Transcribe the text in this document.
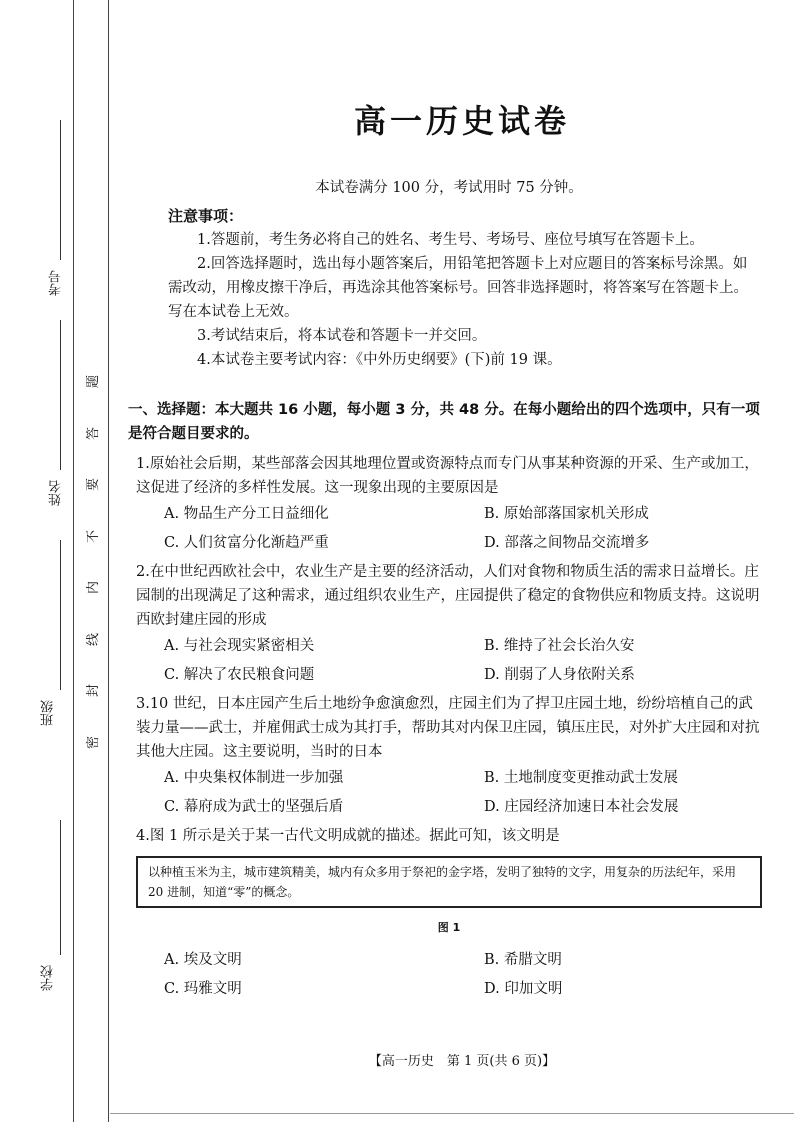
考号
姓名
班级
学校
题
答
要
不
内
线
封
密
高一历史试卷
本试卷满分 100 分，考试用时 75 分钟。
注意事项：
1.答题前，考生务必将自己的姓名、考生号、考场号、座位号填写在答题卡上。
2.回答选择题时，选出每小题答案后，用铅笔把答题卡上对应题目的答案标号涂黑。如需改动，用橡皮擦干净后，再选涂其他答案标号。回答非选择题时，将答案写在答题卡上。写在本试卷上无效。
3.考试结束后，将本试卷和答题卡一并交回。
4.本试卷主要考试内容：《中外历史纲要》(下)前 19 课。
一、选择题：本大题共 16 小题，每小题 3 分，共 48 分。在每小题给出的四个选项中，只有一项是符合题目要求的。
1.原始社会后期，某些部落会因其地理位置或资源特点而专门从事某种资源的开采、生产或加工，这促进了经济的多样性发展。这一现象出现的主要原因是
A. 物品生产分工日益细化	B. 原始部落国家机关形成
C. 人们贫富分化渐趋严重	D. 部落之间物品交流增多
2.在中世纪西欧社会中，农业生产是主要的经济活动，人们对食物和物质生活的需求日益增长。庄园制的出现满足了这种需求，通过组织农业生产，庄园提供了稳定的食物供应和物质支持。这说明西欧封建庄园的形成
A. 与社会现实紧密相关	B. 维持了社会长治久安
C. 解决了农民粮食问题	D. 削弱了人身依附关系
3.10 世纪，日本庄园产生后土地纷争愈演愈烈，庄园主们为了捍卫庄园土地，纷纷培植自己的武装力量——武士，并雇佣武士成为其打手，帮助其对内保卫庄园，镇压庄民，对外扩大庄园和对抗其他大庄园。这主要说明，当时的日本
A. 中央集权体制进一步加强	B. 土地制度变更推动武士发展
C. 幕府成为武士的坚强后盾	D. 庄园经济加速日本社会发展
4.图 1 所示是关于某一古代文明成就的描述。据此可知，该文明是
以种植玉米为主，城市建筑精美，城内有众多用于祭祀的金字塔，发明了独特的文字，用复杂的历法纪年，采用 20 进制，知道“零”的概念。
图 1
A. 埃及文明	B. 希腊文明
C. 玛雅文明	D. 印加文明
【高一历史　第 1 页(共 6 页)】
